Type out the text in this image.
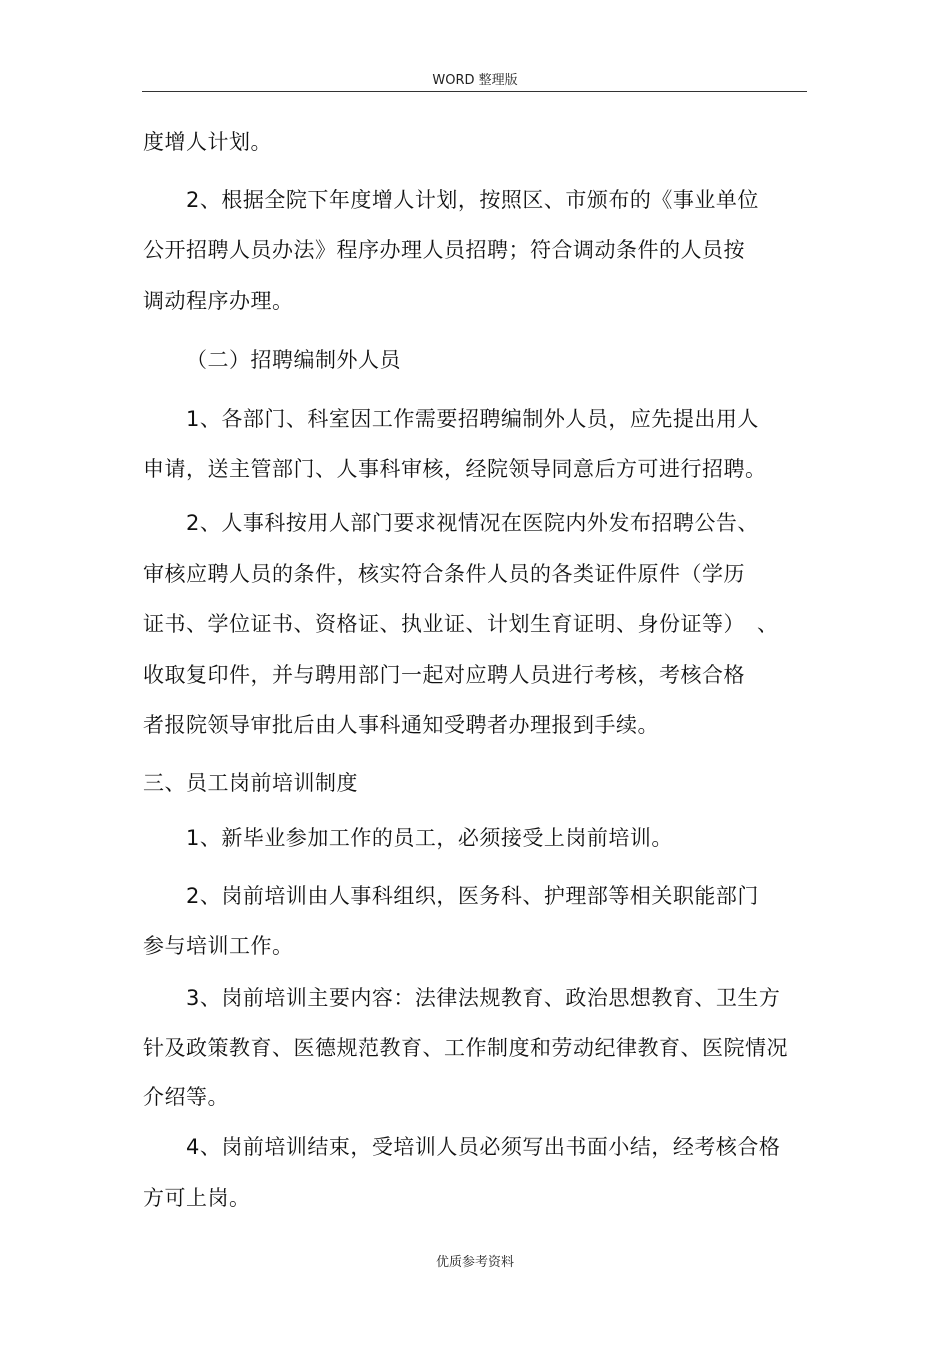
WORD 整理版
度增人计划。
2、根据全院下年度增人计划，按照区、市颁布的《事业单位
公开招聘人员办法》程序办理人员招聘；符合调动条件的人员按
调动程序办理。
（二）招聘编制外人员
1、各部门、科室因工作需要招聘编制外人员，应先提出用人
申请，送主管部门、人事科审核，经院领导同意后方可进行招聘。
2、人事科按用人部门要求视情况在医院内外发布招聘公告、
审核应聘人员的条件，核实符合条件人员的各类证件原件（学历
证书、学位证书、资格证、执业证、计划生育证明、身份证等） 、
收取复印件，并与聘用部门一起对应聘人员进行考核，考核合格
者报院领导审批后由人事科通知受聘者办理报到手续。
三、员工岗前培训制度
1、新毕业参加工作的员工，必须接受上岗前培训。
2、岗前培训由人事科组织，医务科、护理部等相关职能部门
参与培训工作。
3、岗前培训主要内容：法律法规教育、政治思想教育、卫生方
针及政策教育、医德规范教育、工作制度和劳动纪律教育、医院情况
介绍等。
4、岗前培训结束，受培训人员必须写出书面小结，经考核合格
方可上岗。
优质参考资料
